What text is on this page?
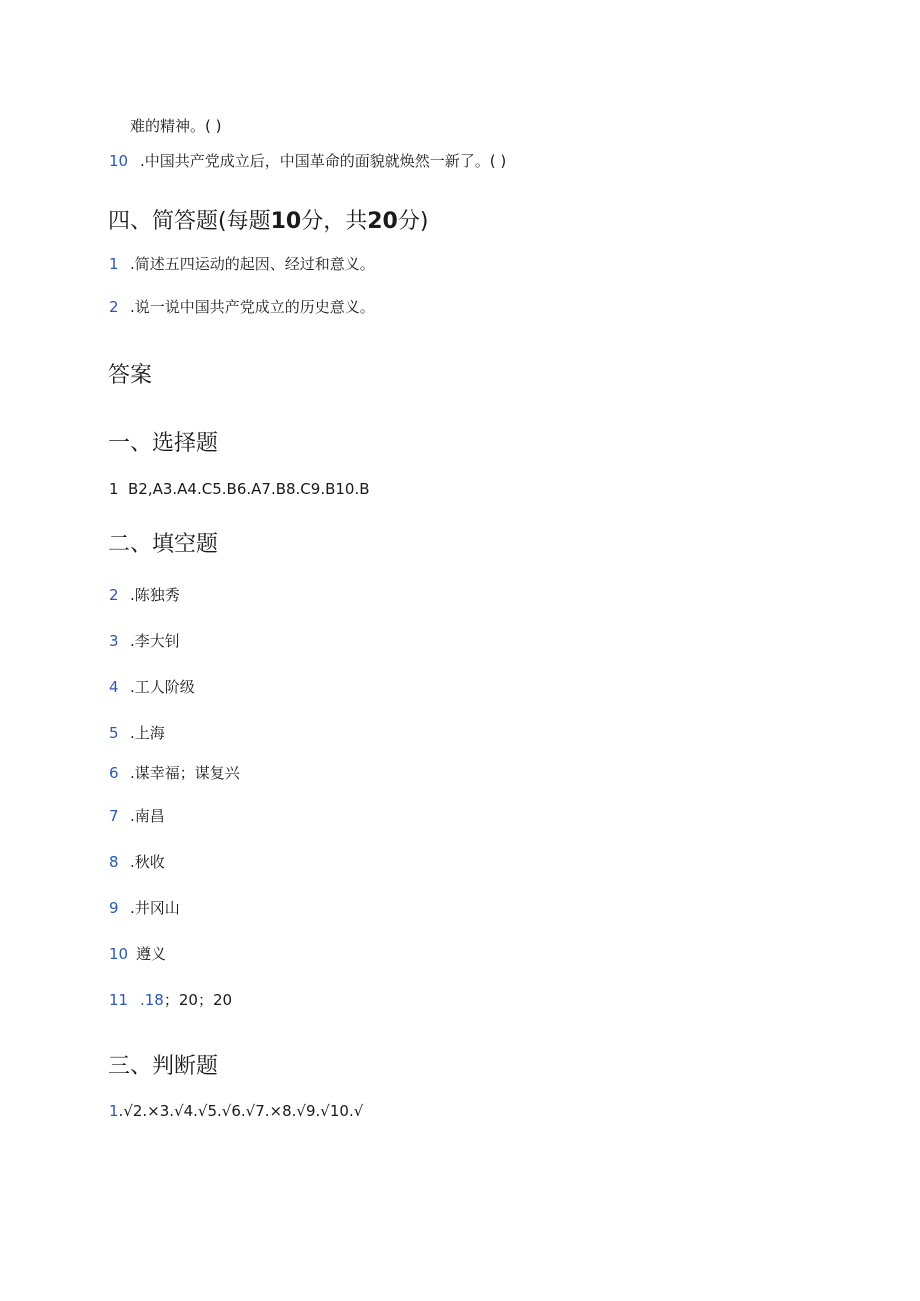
难的精神。( )
10 .中国共产党成立后，中国革命的面貌就焕然一新了。( )
四、简答题(每题10分，共20分)
1 .简述五四运动的起因、经过和意义。
2 .说一说中国共产党成立的历史意义。
答案
一、选择题
1 B2,A3.A4.C5.B6.A7.B8.C9.B10.B
二、填空题
2 .陈独秀
3 .李大钊
4 .工人阶级
5 .上海
6 .谋幸福；谋复兴
7 .南昌
8 .秋收
9 .井冈山
10 遵义
11 .18；20；20
三、判断题
1.√2.×3.√4.√5.√6.√7.×8.√9.√10.√
